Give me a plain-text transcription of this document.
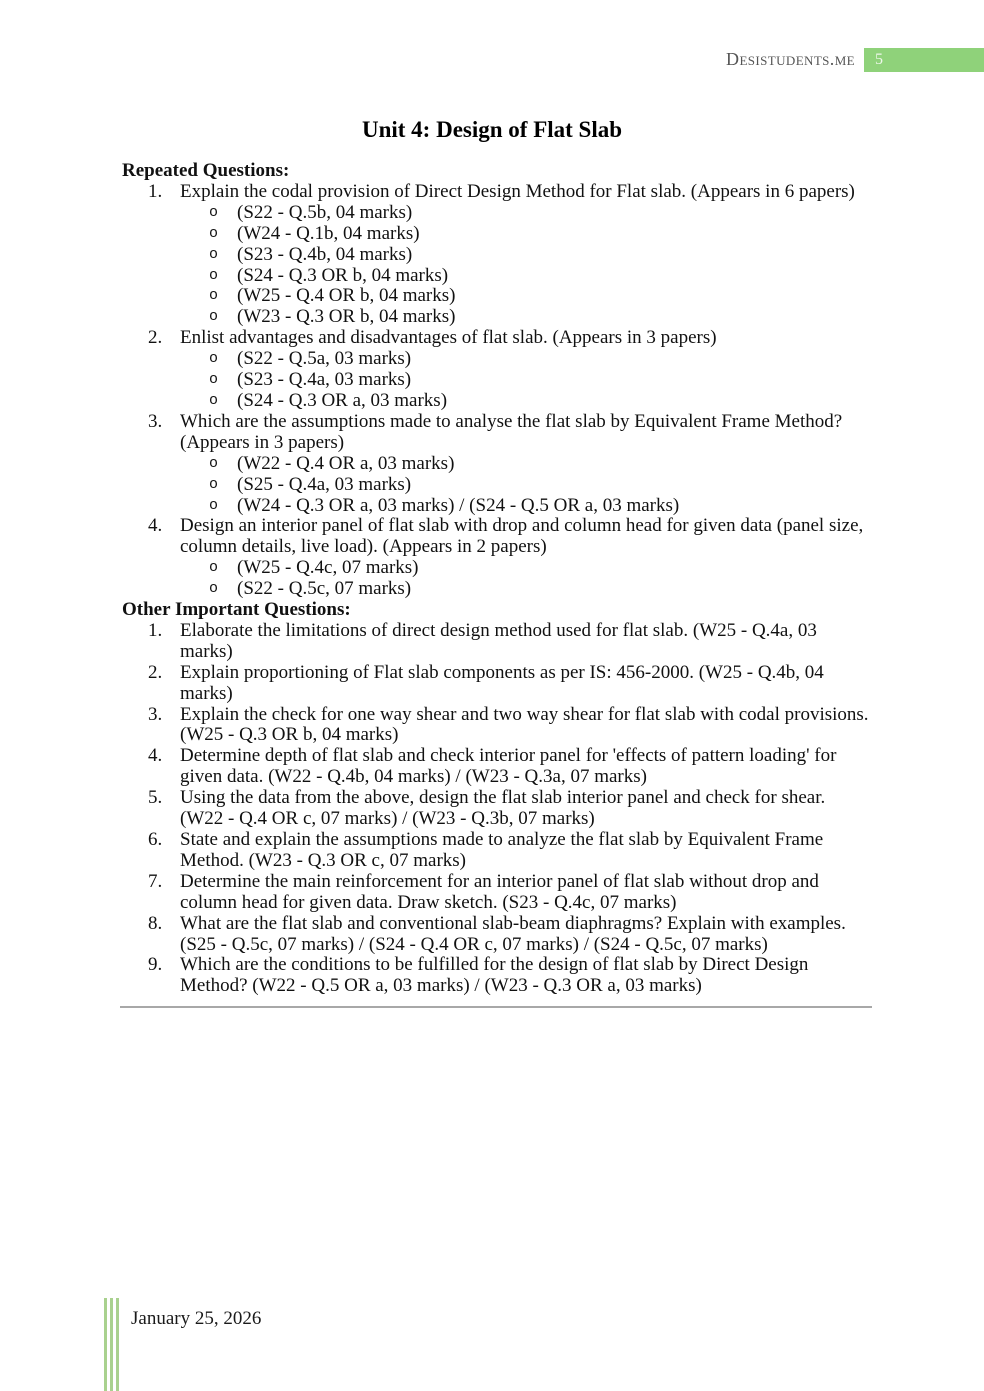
Desistudents.me	5
Unit 4: Design of Flat Slab
Repeated Questions:
1. Explain the codal provision of Direct Design Method for Flat slab. (Appears in 6 papers)
o (S22 - Q.5b, 04 marks)
o (W24 - Q.1b, 04 marks)
o (S23 - Q.4b, 04 marks)
o (S24 - Q.3 OR b, 04 marks)
o (W25 - Q.4 OR b, 04 marks)
o (W23 - Q.3 OR b, 04 marks)
2. Enlist advantages and disadvantages of flat slab. (Appears in 3 papers)
o (S22 - Q.5a, 03 marks)
o (S23 - Q.4a, 03 marks)
o (S24 - Q.3 OR a, 03 marks)
3. Which are the assumptions made to analyse the flat slab by Equivalent Frame Method? (Appears in 3 papers)
o (W22 - Q.4 OR a, 03 marks)
o (S25 - Q.4a, 03 marks)
o (W24 - Q.3 OR a, 03 marks) / (S24 - Q.5 OR a, 03 marks)
4. Design an interior panel of flat slab with drop and column head for given data (panel size, column details, live load). (Appears in 2 papers)
o (W25 - Q.4c, 07 marks)
o (S22 - Q.5c, 07 marks)
Other Important Questions:
1. Elaborate the limitations of direct design method used for flat slab. (W25 - Q.4a, 03 marks)
2. Explain proportioning of Flat slab components as per IS: 456-2000. (W25 - Q.4b, 04 marks)
3. Explain the check for one way shear and two way shear for flat slab with codal provisions. (W25 - Q.3 OR b, 04 marks)
4. Determine depth of flat slab and check interior panel for 'effects of pattern loading' for given data. (W22 - Q.4b, 04 marks) / (W23 - Q.3a, 07 marks)
5. Using the data from the above, design the flat slab interior panel and check for shear. (W22 - Q.4 OR c, 07 marks) / (W23 - Q.3b, 07 marks)
6. State and explain the assumptions made to analyze the flat slab by Equivalent Frame Method. (W23 - Q.3 OR c, 07 marks)
7. Determine the main reinforcement for an interior panel of flat slab without drop and column head for given data. Draw sketch. (S23 - Q.4c, 07 marks)
8. What are the flat slab and conventional slab-beam diaphragms? Explain with examples. (S25 - Q.5c, 07 marks) / (S24 - Q.4 OR c, 07 marks) / (S24 - Q.5c, 07 marks)
9. Which are the conditions to be fulfilled for the design of flat slab by Direct Design Method? (W22 - Q.5 OR a, 03 marks) / (W23 - Q.3 OR a, 03 marks)
January 25, 2026
